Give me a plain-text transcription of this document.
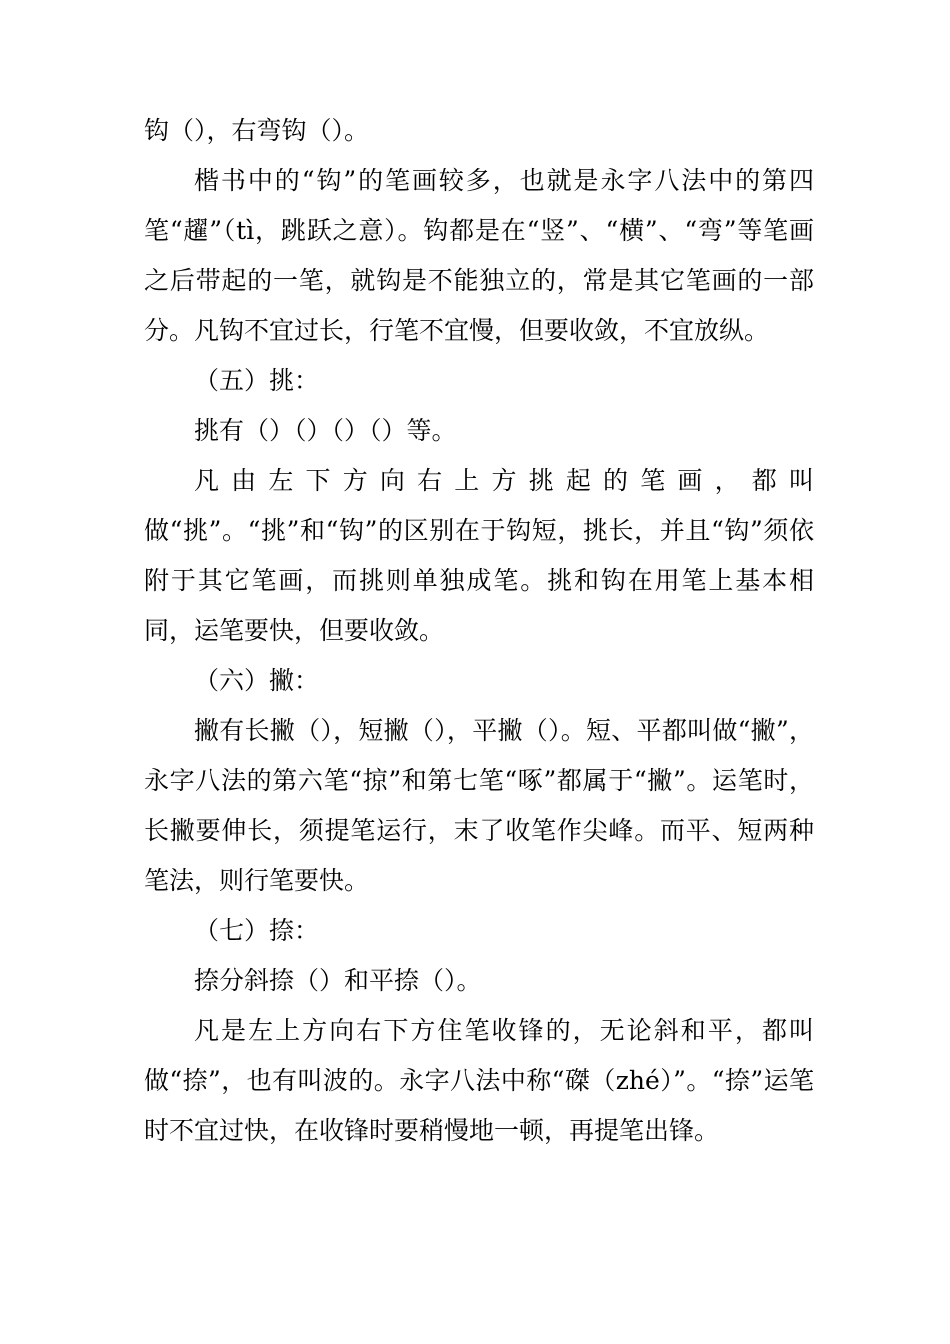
钩（），右弯钩（）。

楷书中的“钩”的笔画较多，也就是永字八法中的第四笔“趯”（tì，跳跃之意）。钩都是在“竖”、“横”、“弯”等笔画之后带起的一笔，就钩是不能独立的，常是其它笔画的一部分。凡钩不宜过长，行笔不宜慢，但要收敛，不宜放纵。

（五）挑：

挑有（）（）（）（）等。

凡由左下方向右上方挑起的笔画，都叫做“挑”。“挑”和“钩”的区别在于钩短，挑长，并且“钩”须依附于其它笔画，而挑则单独成笔。挑和钩在用笔上基本相同，运笔要快，但要收敛。

（六）撇：

撇有长撇（），短撇（），平撇（）。短、平都叫做“撇”，永字八法的第六笔“掠”和第七笔“啄”都属于“撇”。运笔时，长撇要伸长，须提笔运行，末了收笔作尖峰。而平、短两种笔法，则行笔要快。

（七）捺：

捺分斜捺（）和平捺（）。

凡是左上方向右下方住笔收锋的，无论斜和平，都叫做“捺”，也有叫波的。永字八法中称“磔（zhé）”。“捺”运笔时不宜过快，在收锋时要稍慢地一顿，再提笔出锋。
